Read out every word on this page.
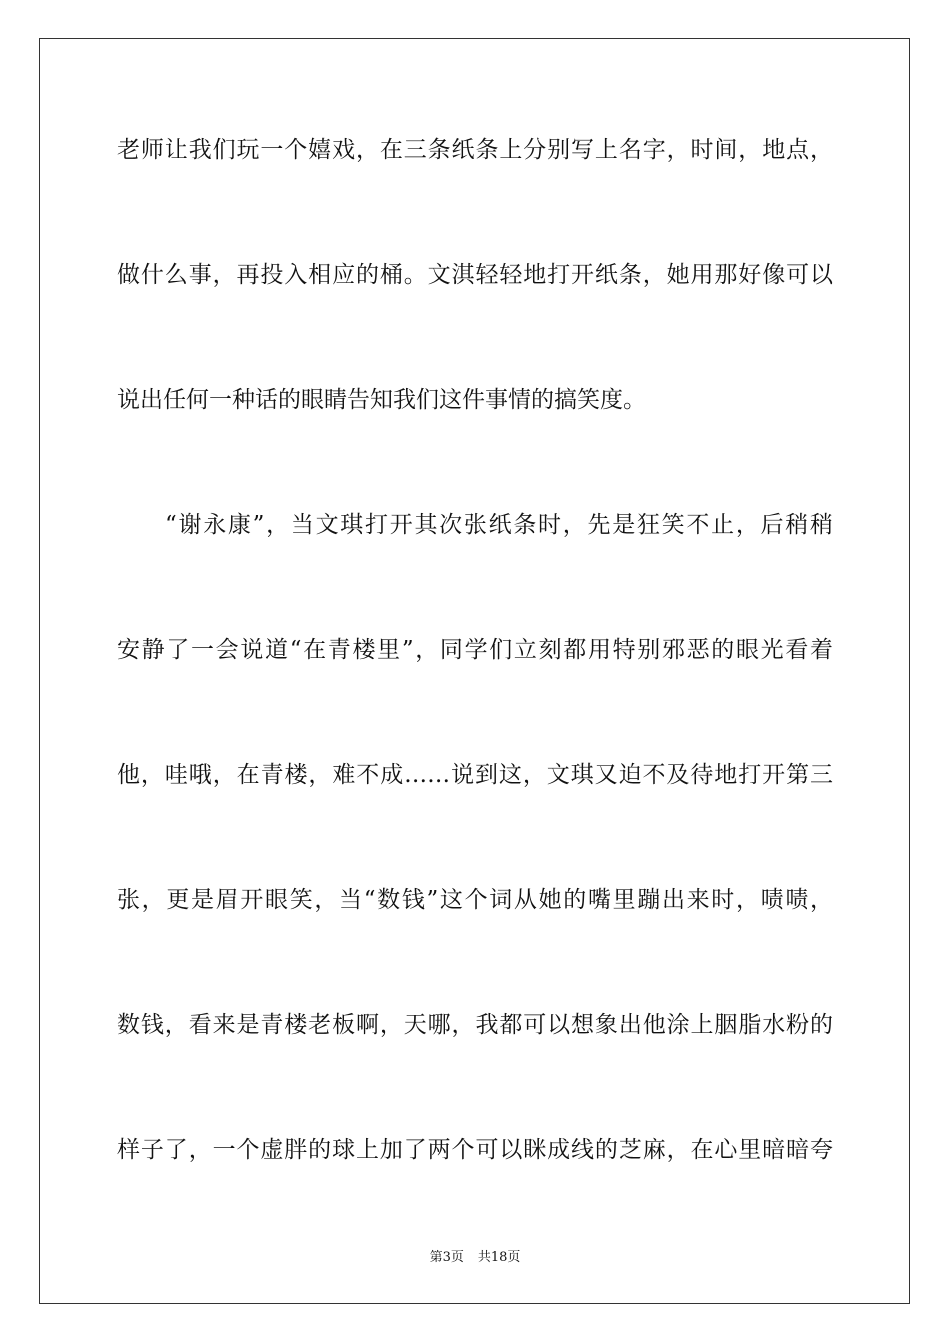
老师让我们玩一个嬉戏，在三条纸条上分别写上名字，时间，地点，
做什么事，再投入相应的桶。文淇轻轻地打开纸条，她用那好像可以
说出任何一种话的眼睛告知我们这件事情的搞笑度。
“谢永康”，当文琪打开其次张纸条时，先是狂笑不止，后稍稍
安静了一会说道“在青楼里”，同学们立刻都用特别邪恶的眼光看着
他，哇哦，在青楼，难不成……说到这，文琪又迫不及待地打开第三
张，更是眉开眼笑，当“数钱”这个词从她的嘴里蹦出来时，啧啧，
数钱，看来是青楼老板啊，天哪，我都可以想象出他涂上胭脂水粉的
样子了，一个虚胖的球上加了两个可以眯成线的芝麻，在心里暗暗夸
第3页 共18页
